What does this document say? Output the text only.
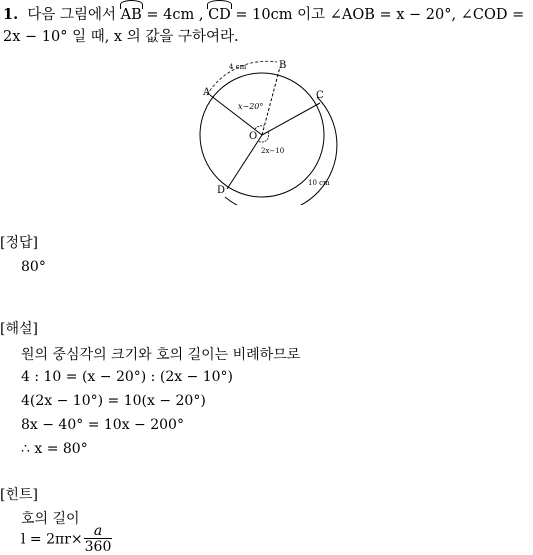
1. 다음 그림에서 AB = 4cm , CD = 10cm 이고 ∠AOB = x − 20°, ∠COD =
2x − 10° 일 때, x 의 값을 구하여라.
A
B
C
D
O
4 cm
10 cm
x−20°
2x−10
[정답]
80°
[해설]
원의 중심각의 크기와 호의 길이는 비례하므로
4 : 10 = (x − 20°) : (2x − 10°)
4(2x − 10°) = 10(x − 20°)
8x − 40° = 10x − 200°
∴ x = 80°
[힌트]
호의 길이
$l = 2\pi r\times \frac{a}{360}$
